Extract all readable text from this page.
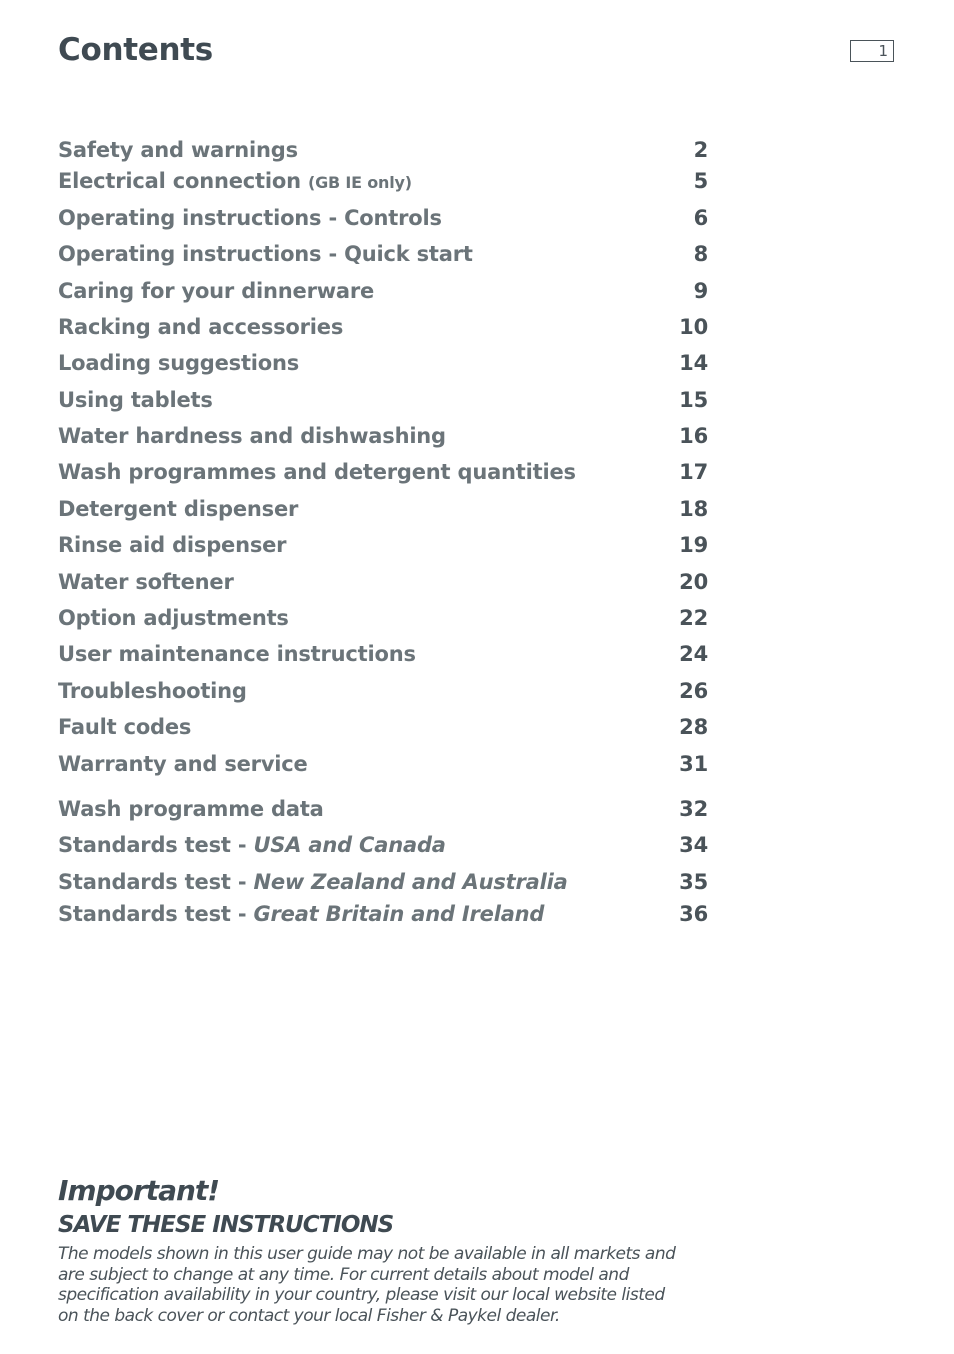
Contents	1
Safety and warnings	2
Electrical connection (GB IE only)	5
Operating instructions - Controls	6
Operating instructions - Quick start	8
Caring for your dinnerware	9
Racking and accessories	10
Loading suggestions	14
Using tablets	15
Water hardness and dishwashing	16
Wash programmes and detergent quantities	17
Detergent dispenser	18
Rinse aid dispenser	19
Water softener	20
Option adjustments	22
User maintenance instructions	24
Troubleshooting	26
Fault codes	28
Warranty and service	31
Wash programme data	32
Standards test - USA and Canada	34
Standards test - New Zealand and Australia	35
Standards test - Great Britain and Ireland	36
Important!
SAVE THESE INSTRUCTIONS
The models shown in this user guide may not be available in all markets and are subject to change at any time. For current details about model and specification availability in your country, please visit our local website listed on the back cover or contact your local Fisher & Paykel dealer.
